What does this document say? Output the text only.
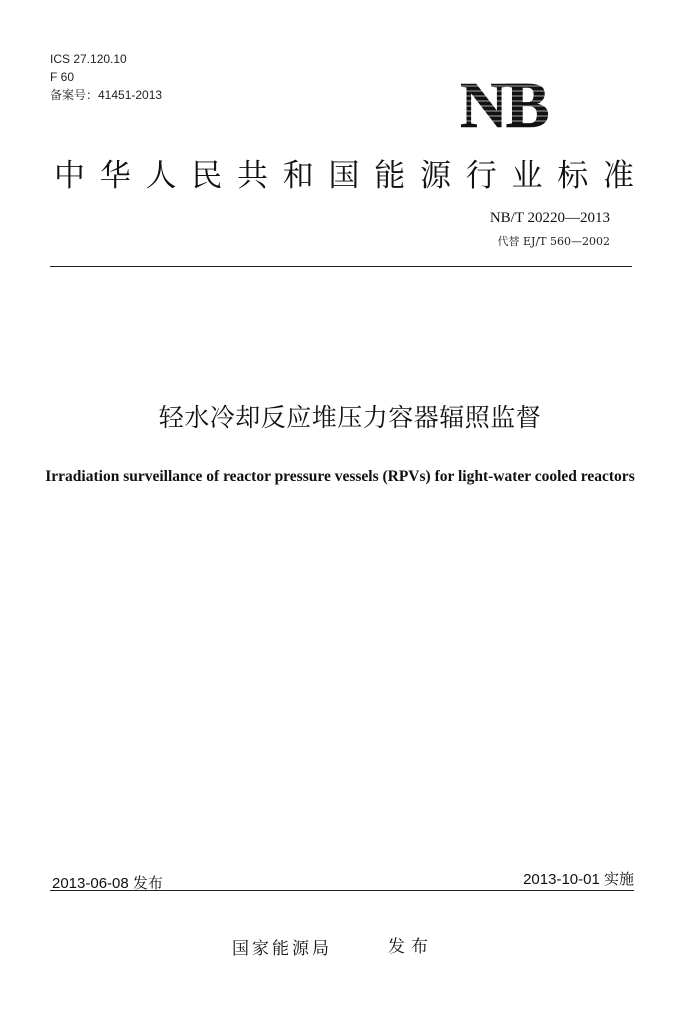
ICS 27.120.10
F 60
备案号：41451-2013	NB
中 华 人 民 共 和 国 能 源 行 业 标 准
NB/T 20220—2013
代替 EJ/T 560—2002
轻水冷却反应堆压力容器辐照监督
Irradiation surveillance of reactor pressure vessels (RPVs) for light-water cooled reactors
2013-06-08 发布	2013-10-01 实施
国家能源局	发布
